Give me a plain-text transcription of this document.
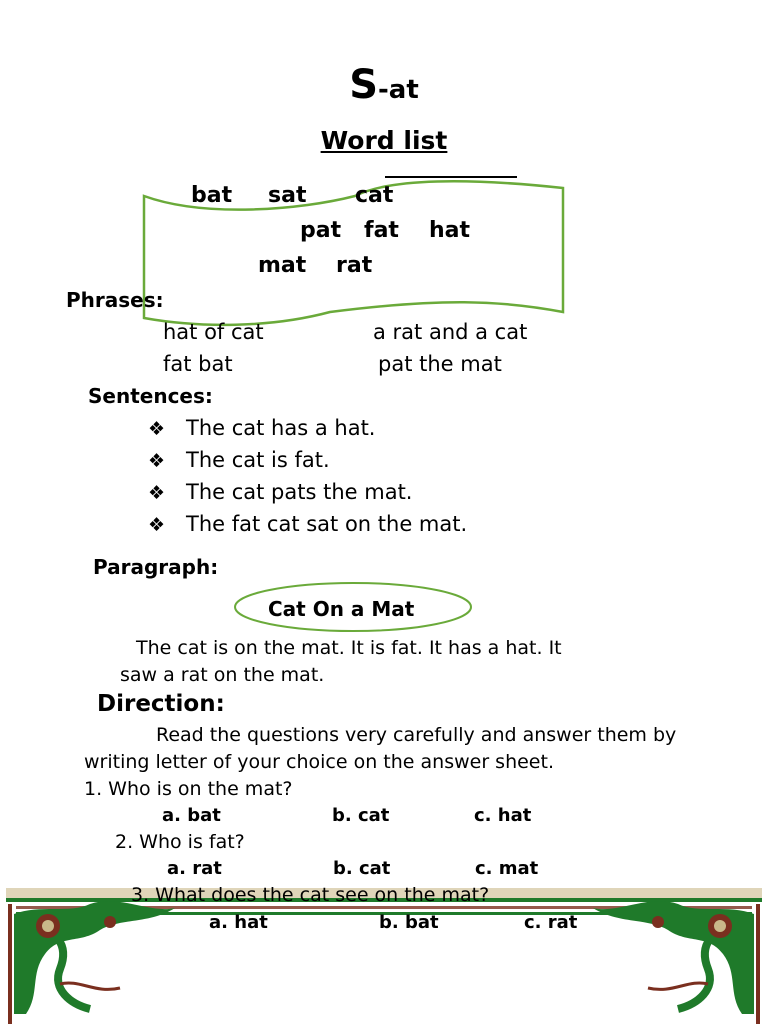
S-at
Word list
bat sat cat
pat fat hat
mat rat
Phrases:
hat of cat	a rat and a cat
fat bat	pat the mat
Sentences:
❖ The cat has a hat.
❖ The cat is fat.
❖ The cat pats the mat.
❖ The fat cat sat on the mat.
Paragraph:
Cat On a Mat
The cat is on the mat. It is fat. It has a hat. It
saw a rat on the mat.
Direction:
Read the questions very carefully and answer them by
writing letter of your choice on the answer sheet.
1. Who is on the mat?
a. bat	b. cat	c. hat
2. Who is fat?
a. rat	b. cat	c. mat
3. What does the cat see on the mat?
a. hat	b. bat	c. rat
